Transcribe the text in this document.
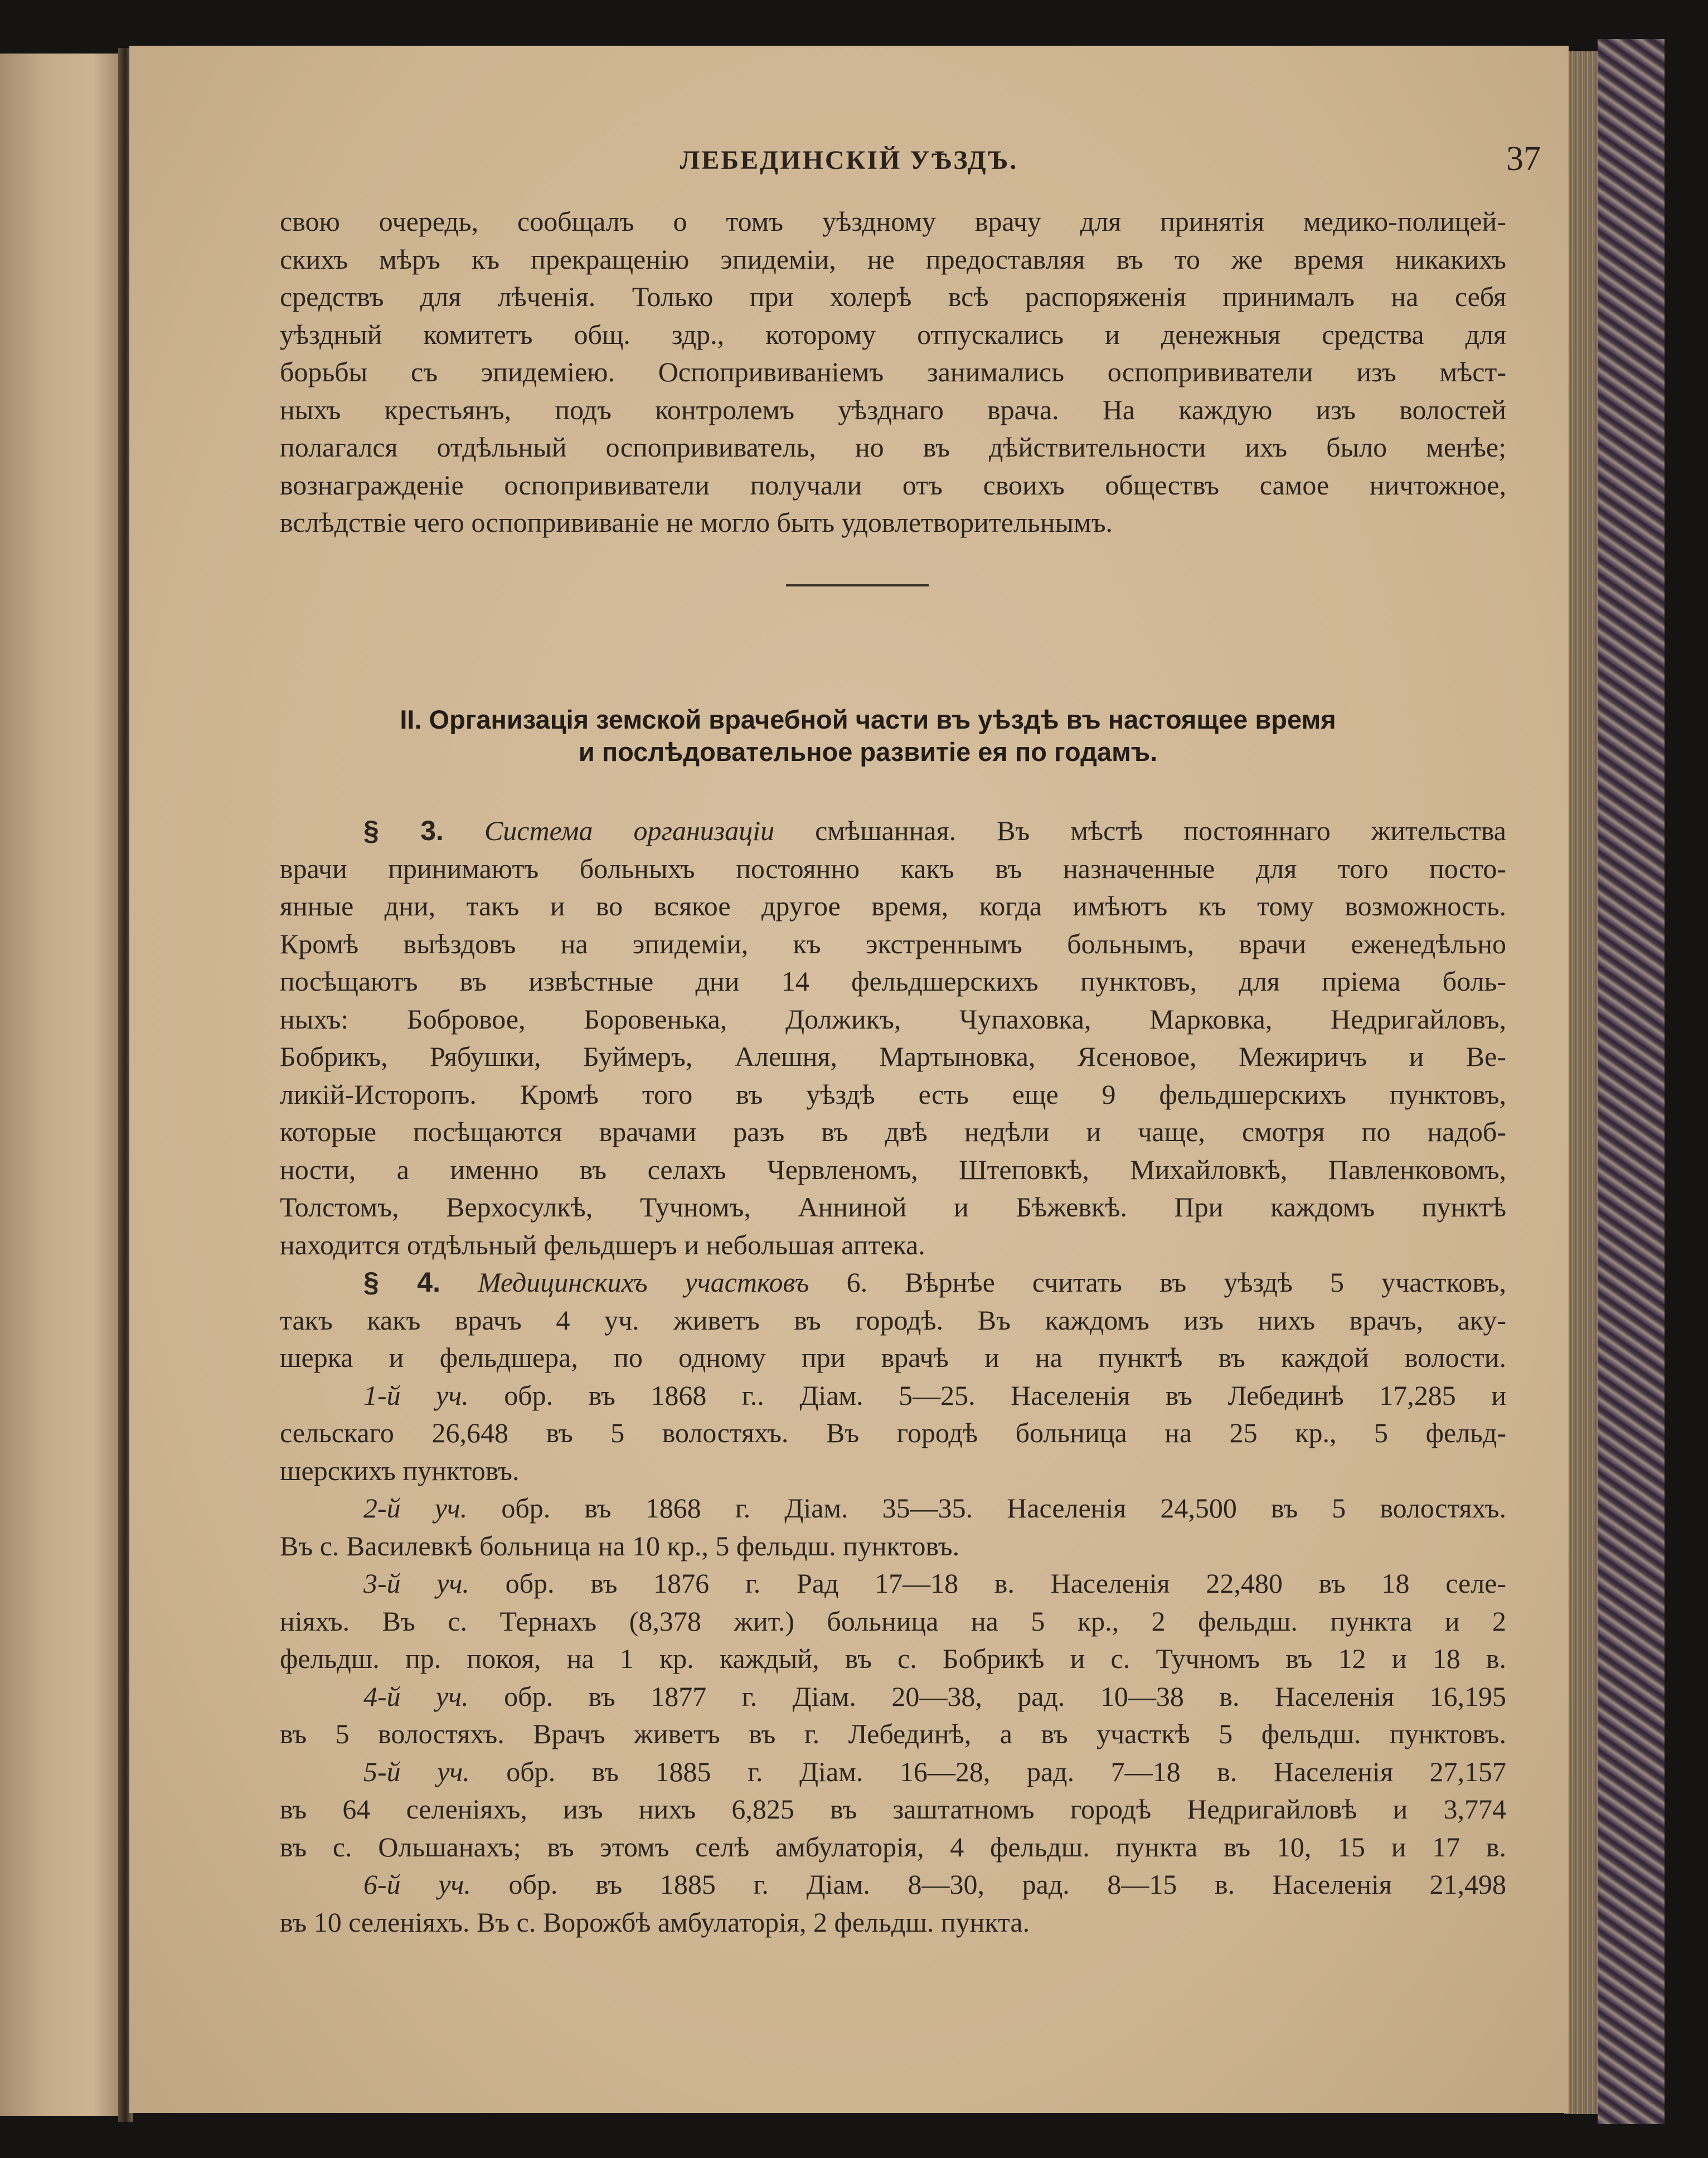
ЛЕБЕДИНСКІЙ УѢЗДЪ.	37

свою очередь, сообщалъ о томъ уѣздному врачу для принятія медико-полицей-

скихъ мѣръ къ прекращенію эпидеміи, не предоставляя въ то же время никакихъ

средствъ для лѣченія. Только при холерѣ всѣ распоряженія принималъ на себя

уѣздный комитетъ общ. здр., которому отпускались и денежныя средства для

борьбы съ эпидеміею. Оспопрививаніемъ занимались оспопрививатели изъ мѣст-

ныхъ крестьянъ, подъ контролемъ уѣзднаго врача. На каждую изъ волостей

полагался отдѣльный оспопрививатель, но въ дѣйствительности ихъ было менѣе;

вознагражденіе оспопрививатели получали отъ своихъ обществъ самое ничтожное,

вслѣдствіе чего оспопрививаніе не могло быть удовлетворительнымъ.

II. Организація земской врачебной части въ уѣздѣ въ настоящее время
и послѣдовательное развитіе ея по годамъ.

§ 3. Система организаціи смѣшанная. Въ мѣстѣ постояннаго жительства

врачи принимаютъ больныхъ постоянно какъ въ назначенные для того посто-

янные дни, такъ и во всякое другое время, когда имѣютъ къ тому возможность.

Кромѣ выѣздовъ на эпидеміи, къ экстреннымъ больнымъ, врачи еженедѣльно

посѣщаютъ въ извѣстные дни 14 фельдшерскихъ пунктовъ, для пріема боль-

ныхъ: Бобровое, Боровенька, Должикъ, Чупаховка, Марковка, Недригайловъ,

Бобрикъ, Рябушки, Буймеръ, Алешня, Мартыновка, Ясеновое, Межиричъ и Ве-

ликій-Исторопъ. Кромѣ того въ уѣздѣ есть еще 9 фельдшерскихъ пунктовъ,

которые посѣщаются врачами разъ въ двѣ недѣли и чаще, смотря по надоб-

ности, а именно въ селахъ Червленомъ, Штеповкѣ, Михайловкѣ, Павленковомъ,

Толстомъ, Верхосулкѣ, Тучномъ, Аннинoй и Бѣжевкѣ. При каждомъ пунктѣ

находится отдѣльный фельдшеръ и небольшая аптека.

§ 4. Медицинскихъ участковъ 6. Вѣрнѣе считать въ уѣздѣ 5 участковъ,

такъ какъ врачъ 4 уч. живетъ въ городѣ. Въ каждомъ изъ нихъ врачъ, аку-

шерка и фельдшера, по одному при врачѣ и на пунктѣ въ каждой волости.

1-й уч. обр. въ 1868 г.. Діам. 5—25. Населенія въ Лебединѣ 17,285 и

сельскаго 26,648 въ 5 волостяхъ. Въ городѣ больница на 25 кр., 5 фельд-

шерскихъ пунктовъ.

2-й уч. обр. въ 1868 г. Діам. 35—35. Населенія 24,500 въ 5 волостяхъ.

Въ с. Василевкѣ больница на 10 кр., 5 фельдш. пунктовъ.

3-й уч. обр. въ 1876 г. Рад 17—18 в. Населенія 22,480 въ 18 селе-

ніяхъ. Въ с. Тернахъ (8,378 жит.) больница на 5 кр., 2 фельдш. пункта и 2

фельдш. пр. покоя, на 1 кр. каждый, въ с. Бобрикѣ и с. Тучномъ въ 12 и 18 в.

4-й уч. обр. въ 1877 г. Діам. 20—38, рад. 10—38 в. Населенія 16,195

въ 5 волостяхъ. Врачъ живетъ въ г. Лебединѣ, а въ участкѣ 5 фельдш. пунктовъ.

5-й уч. обр. въ 1885 г. Діам. 16—28, рад. 7—18 в. Населенія 27,157

въ 64 селеніяхъ, изъ нихъ 6,825 въ заштатномъ городѣ Недригайловѣ и 3,774

въ с. Ольшанахъ; въ этомъ селѣ амбулаторія, 4 фельдш. пункта въ 10, 15 и 17 в.

6-й уч. обр. въ 1885 г. Діам. 8—30, рад. 8—15 в. Населенія 21,498

въ 10 селеніяхъ. Въ с. Ворожбѣ амбулаторія, 2 фельдш. пункта.
